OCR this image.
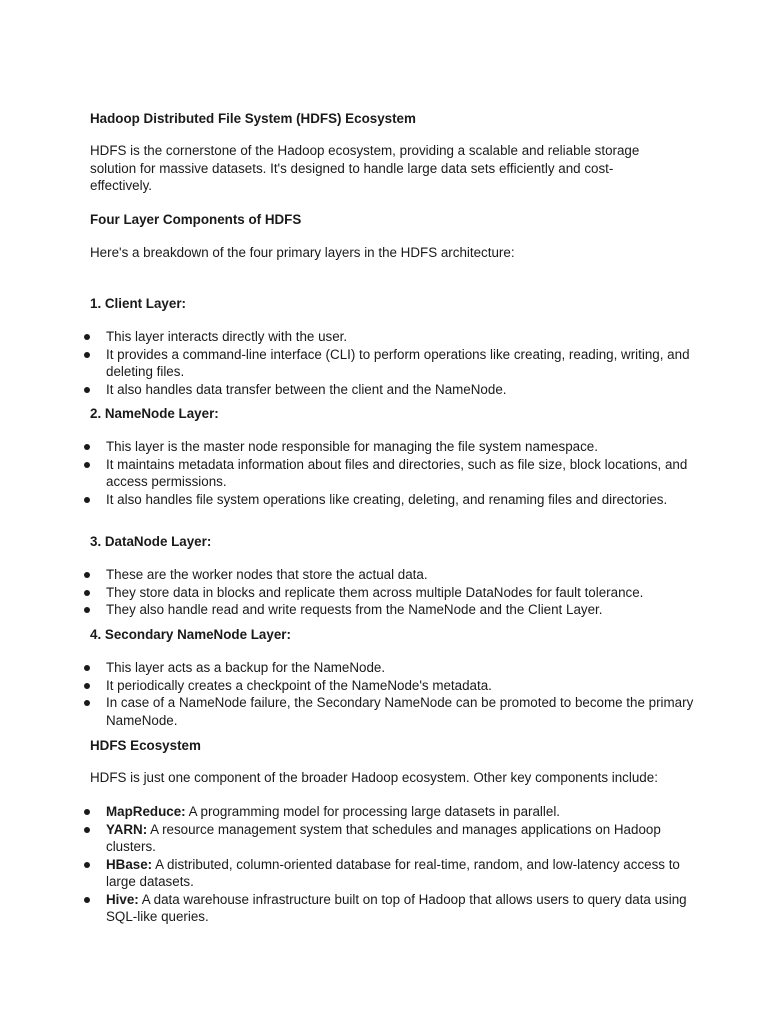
Hadoop Distributed File System (HDFS) Ecosystem

HDFS is the cornerstone of the Hadoop ecosystem, providing a scalable and reliable storage solution for massive datasets. It's designed to handle large data sets efficiently and cost-effectively.

Four Layer Components of HDFS

Here's a breakdown of the four primary layers in the HDFS architecture:

1. Client Layer:

This layer interacts directly with the user.
It provides a command-line interface (CLI) to perform operations like creating, reading, writing, and deleting files.
It also handles data transfer between the client and the NameNode.

2. NameNode Layer:

This layer is the master node responsible for managing the file system namespace.
It maintains metadata information about files and directories, such as file size, block locations, and access permissions.
It also handles file system operations like creating, deleting, and renaming files and directories.

3. DataNode Layer:

These are the worker nodes that store the actual data.
They store data in blocks and replicate them across multiple DataNodes for fault tolerance.
They also handle read and write requests from the NameNode and the Client Layer.

4. Secondary NameNode Layer:

This layer acts as a backup for the NameNode.
It periodically creates a checkpoint of the NameNode's metadata.
In case of a NameNode failure, the Secondary NameNode can be promoted to become the primary NameNode.

HDFS Ecosystem

HDFS is just one component of the broader Hadoop ecosystem. Other key components include:

MapReduce: A programming model for processing large datasets in parallel.
YARN: A resource management system that schedules and manages applications on Hadoop clusters.
HBase: A distributed, column-oriented database for real-time, random, and low-latency access to large datasets.
Hive: A data warehouse infrastructure built on top of Hadoop that allows users to query data using SQL-like queries.
